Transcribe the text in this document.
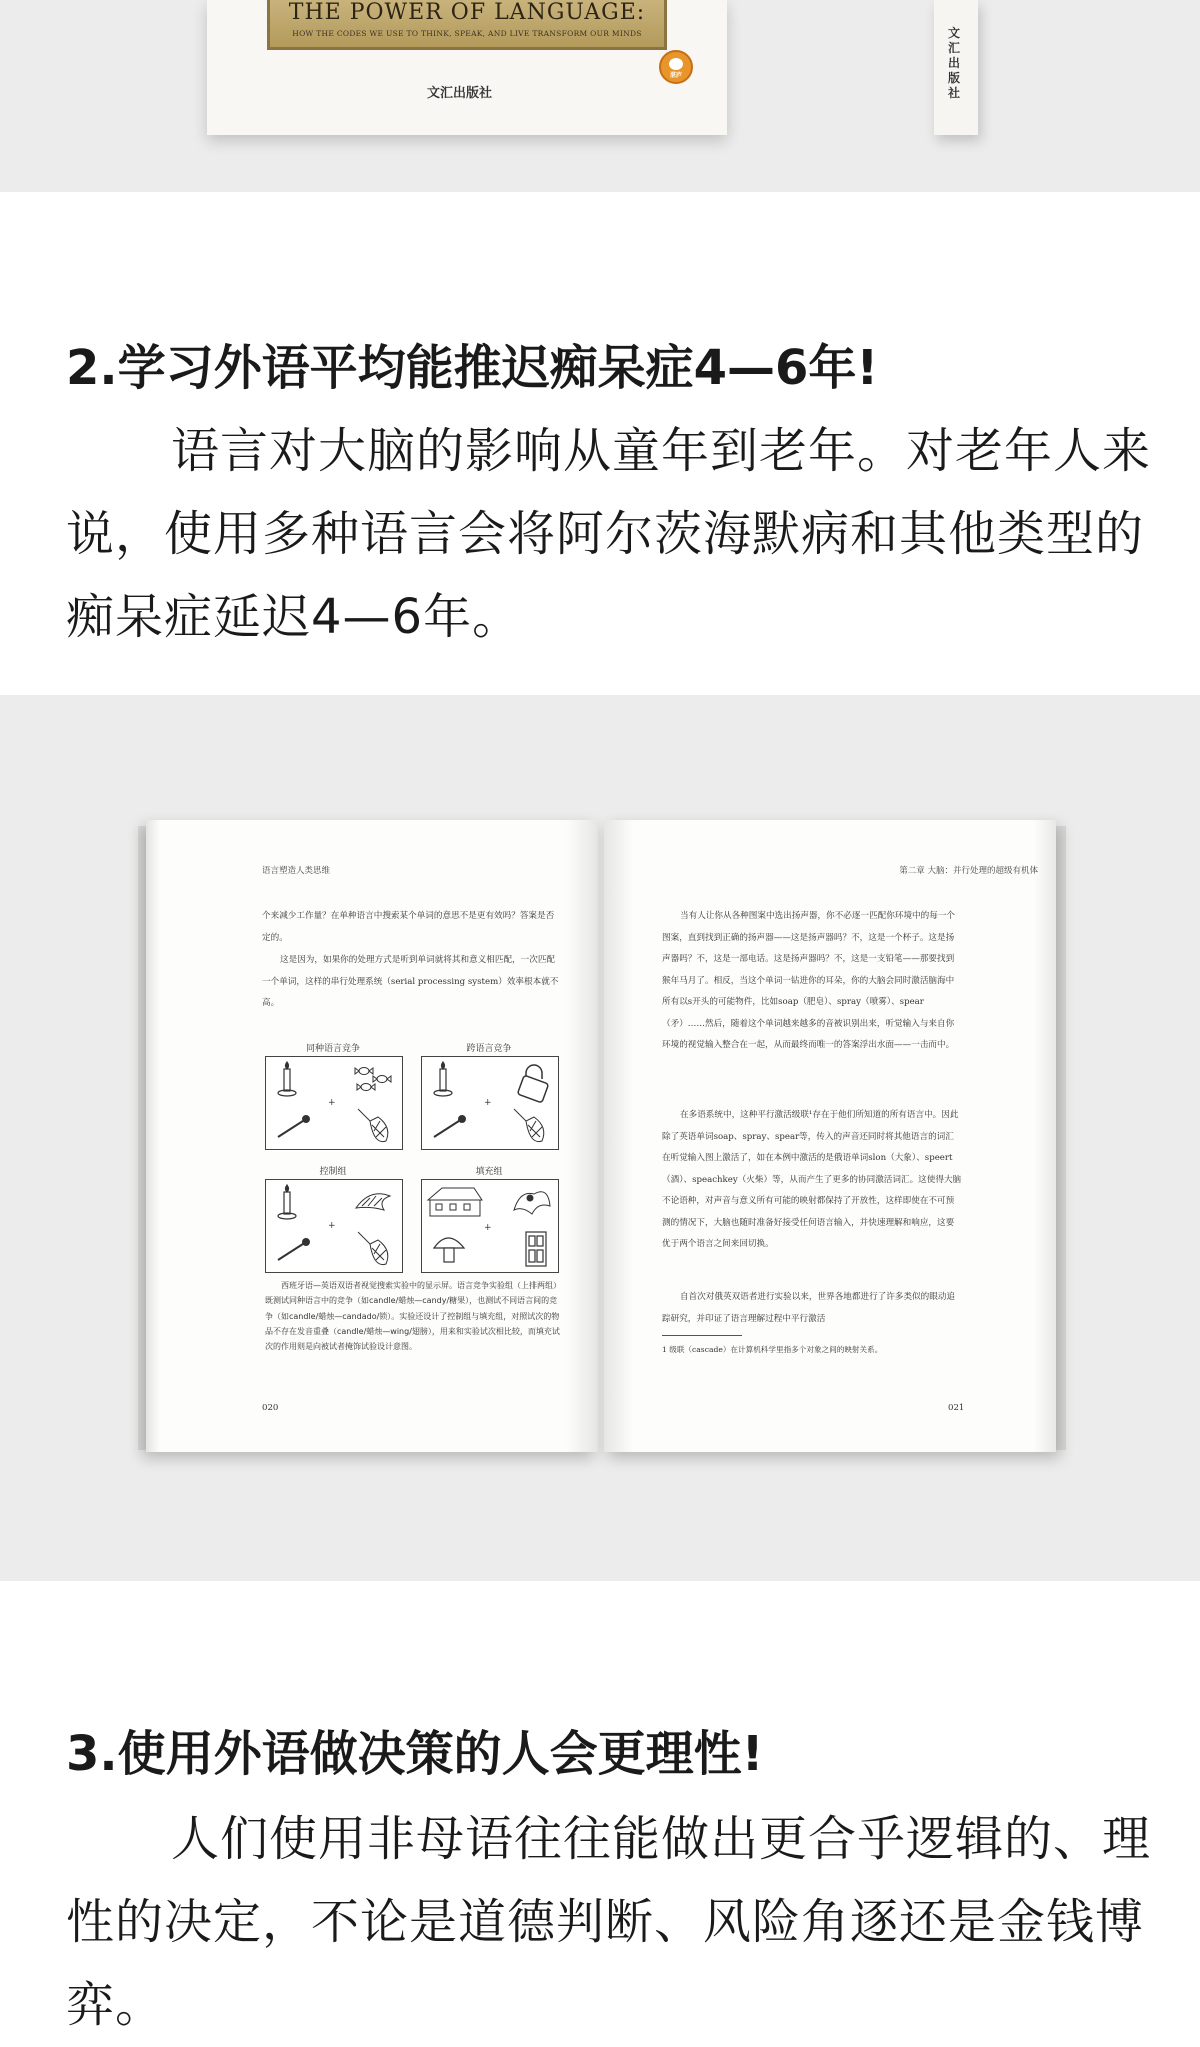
THE POWER OF LANGUAGE:
HOW THE CODES WE USE TO THINK, SPEAK, AND LIVE TRANSFORM OUR MINDS
文汇出版社
湛庐
文汇出版社
2.学习外语平均能推迟痴呆症4—6年!
语言对大脑的影响从童年到老年。对老年人来说，使用多种语言会将阿尔茨海默病和其他类型的痴呆症延迟4—6年。
语言塑造人类思维
个来减少工作量？在单种语言中搜索某个单词的意思不是更有效吗？答案是否定的。
这是因为，如果你的处理方式是听到单词就将其和意义相匹配，一次匹配一个单词，这样的串行处理系统（serial processing system）效率根本就不高。
同种语言竞争	跨语言竞争
控制组	填充组
+	+
+	+
西班牙语—英语双语者视觉搜索实验中的显示屏。语言竞争实验组（上排两组）既测试同种语言中的竞争（如candle/蜡烛—candy/糖果），也测试不同语言间的竞争（如candle/蜡烛—candado/锁）。实验还设计了控制组与填充组，对照试次的物品不存在发音重叠（candle/蜡烛—wing/翅膀），用来和实验试次相比较，而填充试次的作用则是向被试者掩饰试验设计意图。
020
第二章 大脑：并行处理的超级有机体
当有人让你从各种图案中选出扬声器，你不必逐一匹配你环境中的每一个图案，直到找到正确的扬声器——这是扬声器吗？不，这是一个杯子。这是扬声器吗？不，这是一部电话。这是扬声器吗？不，这是一支铅笔——那要找到猴年马月了。相反，当这个单词一钻进你的耳朵，你的大脑会同时激活脑海中所有以s开头的可能物件，比如soap（肥皂）、spray（喷雾）、spear（矛）……然后，随着这个单词越来越多的音被识别出来，听觉输入与来自你环境的视觉输入整合在一起，从而最终而唯一的答案浮出水面——一击而中。
在多语系统中，这种平行激活级联¹存在于他们所知道的所有语言中。因此除了英语单词soap、spray、spear等，传入的声音还同时将其他语言的词汇在听觉输入图上激活了，如在本例中激活的是俄语单词slon（大象）、speert（酒）、speachkey（火柴）等，从而产生了更多的协同激活词汇。这使得大脑不论语种，对声音与意义所有可能的映射都保持了开放性，这样即使在不可预测的情况下，大脑也随时准备好接受任何语言输入，并快速理解和响应，这要优于两个语言之间来回切换。
自首次对俄英双语者进行实验以来，世界各地都进行了许多类似的眼动追踪研究，并印证了语言理解过程中平行激活
1 级联（cascade）在计算机科学里指多个对象之间的映射关系。
021
3.使用外语做决策的人会更理性!
人们使用非母语往往能做出更合乎逻辑的、理性的决定，不论是道德判断、风险角逐还是金钱博弈。
